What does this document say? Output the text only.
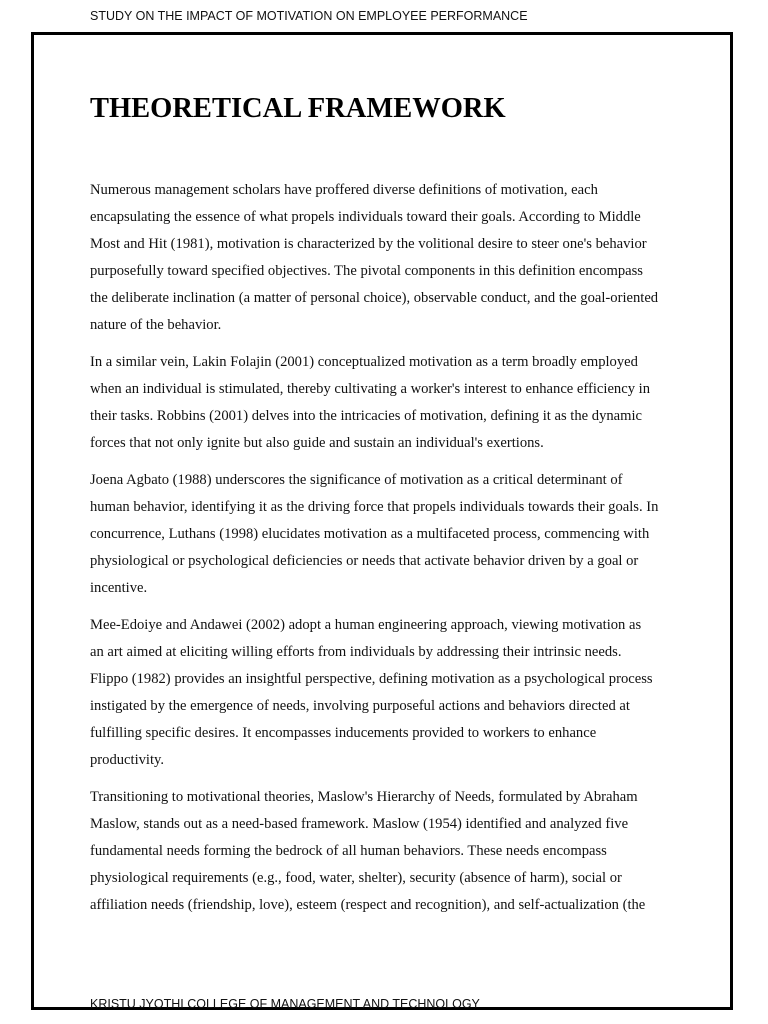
STUDY ON THE IMPACT OF MOTIVATION ON EMPLOYEE PERFORMANCE
THEORETICAL FRAMEWORK

Numerous management scholars have proffered diverse definitions of motivation, each
encapsulating the essence of what propels individuals toward their goals. According to Middle
Most and Hit (1981), motivation is characterized by the volitional desire to steer one's behavior
purposefully toward specified objectives. The pivotal components in this definition encompass
the deliberate inclination (a matter of personal choice), observable conduct, and the goal-oriented
nature of the behavior.

In a similar vein, Lakin Folajin (2001) conceptualized motivation as a term broadly employed
when an individual is stimulated, thereby cultivating a worker's interest to enhance efficiency in
their tasks. Robbins (2001) delves into the intricacies of motivation, defining it as the dynamic
forces that not only ignite but also guide and sustain an individual's exertions.

Joena Agbato (1988) underscores the significance of motivation as a critical determinant of
human behavior, identifying it as the driving force that propels individuals towards their goals. In
concurrence, Luthans (1998) elucidates motivation as a multifaceted process, commencing with
physiological or psychological deficiencies or needs that activate behavior driven by a goal or
incentive.

Mee-Edoiye and Andawei (2002) adopt a human engineering approach, viewing motivation as
an art aimed at eliciting willing efforts from individuals by addressing their intrinsic needs.
Flippo (1982) provides an insightful perspective, defining motivation as a psychological process
instigated by the emergence of needs, involving purposeful actions and behaviors directed at
fulfilling specific desires. It encompasses inducements provided to workers to enhance
productivity.

Transitioning to motivational theories, Maslow's Hierarchy of Needs, formulated by Abraham
Maslow, stands out as a need-based framework. Maslow (1954) identified and analyzed five
fundamental needs forming the bedrock of all human behaviors. These needs encompass
physiological requirements (e.g., food, water, shelter), security (absence of harm), social or
affiliation needs (friendship, love), esteem (respect and recognition), and self-actualization (the

KRISTU JYOTHI COLLEGE OF MANAGEMENT AND TECHNOLOGY
